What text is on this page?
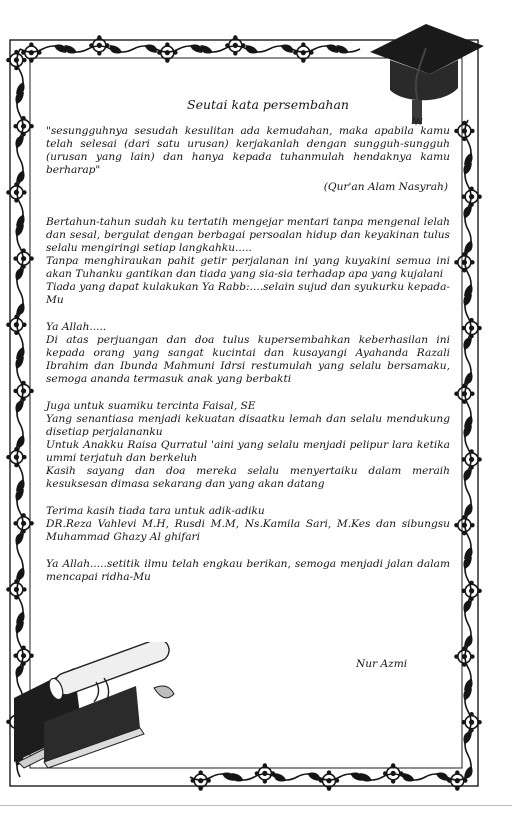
Seutai kata persembahan

"sesungguhnya sesudah kesulitan ada kemudahan, maka apabila kamu telah selesai (dari satu urusan) kerjakanlah dengan sungguh-sungguh (urusan yang lain) dan hanya kepada tuhanmulah hendaknya kamu berharap"

(Qur'an Alam Nasyrah)

Bertahun-tahun sudah ku tertatih mengejar mentari tanpa mengenal lelah dan sesal, bergulat dengan berbagai persoalan hidup dan keyakinan tulus selalu mengiringi setiap langkahku.....

Tanpa menghiraukan pahit getir perjalanan ini yang kuyakini semua ini akan Tuhanku gantikan dan tiada yang sia-sia terhadap apa yang kujalani

Tiada yang dapat kulakukan Ya Rabb:....selain sujud dan syukurku kepada-Mu

Ya Allah.....

Di atas perjuangan dan doa tulus kupersembahkan keberhasilan ini kepada orang yang sangat kucintai dan kusayangi Ayahanda Razali Ibrahim dan Ibunda Mahmuni Idrsi restumulah yang selalu bersamaku, semoga ananda termasuk anak yang berbakti

Juga untuk suamiku tercinta Faisal, SE

Yang senantiasa menjadi kekuatan disaatku lemah dan selalu mendukung disetiap perjalananku

Untuk Anakku Raisa Qurratul 'aini yang selalu menjadi pelipur lara ketika ummi terjatuh dan berkeluh

Kasih sayang dan doa mereka selalu menyertaiku dalam meraih kesuksesan dimasa sekarang dan yang akan datang

Terima kasih tiada tara untuk adik-adiku

DR.Reza Vahlevi M.H, Rusdi M.M, Ns.Kamila Sari, M.Kes dan sibungsu Muhammad Ghazy Al ghifari

Ya Allah.....setitik ilmu telah engkau berikan, semoga menjadi jalan dalam mencapai ridha-Mu

Nur Azmi
